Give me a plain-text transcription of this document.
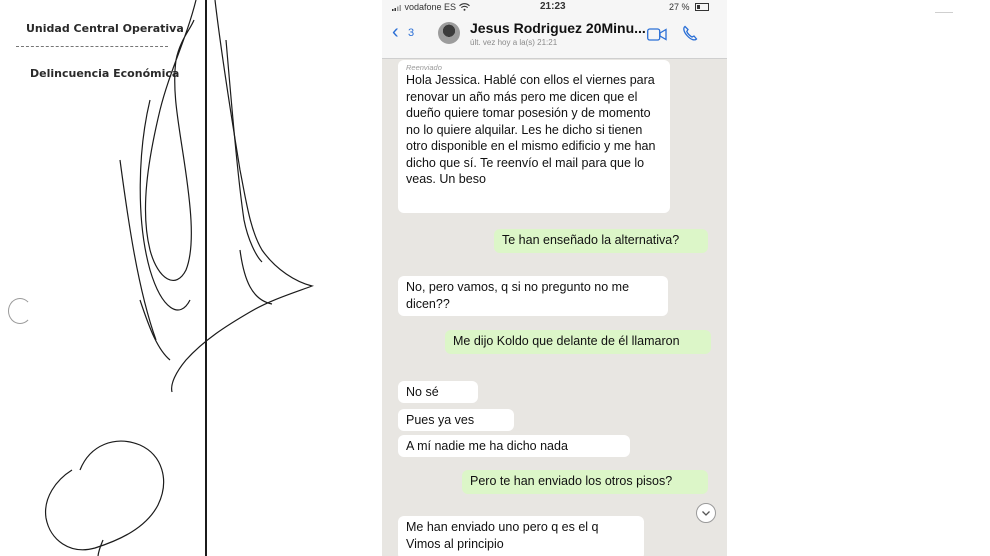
Unidad Central Operativa
Delincuencia Económica
vodafone ES	21:23	27 %
‹ 3	Jesus Rodriguez 20Minu...
últ. vez hoy a la(s) 21:21
Reenviado
Hola Jessica. Hablé con ellos el viernes para renovar un año más pero me dicen que el dueño quiere tomar posesión y de momento no lo quiere alquilar. Les he dicho si tienen otro disponible en el mismo edificio y me han dicho que sí. Te reenvío el mail para que lo veas. Un beso
Te han enseñado la alternativa?
No, pero vamos, q si no pregunto no me dicen??
Me dijo Koldo que delante de él llamaron
No sé
Pues ya ves
A mí nadie me ha dicho nada
Pero te han enviado los otros pisos?
Me han enviado uno pero q es el q Vimos al principio
